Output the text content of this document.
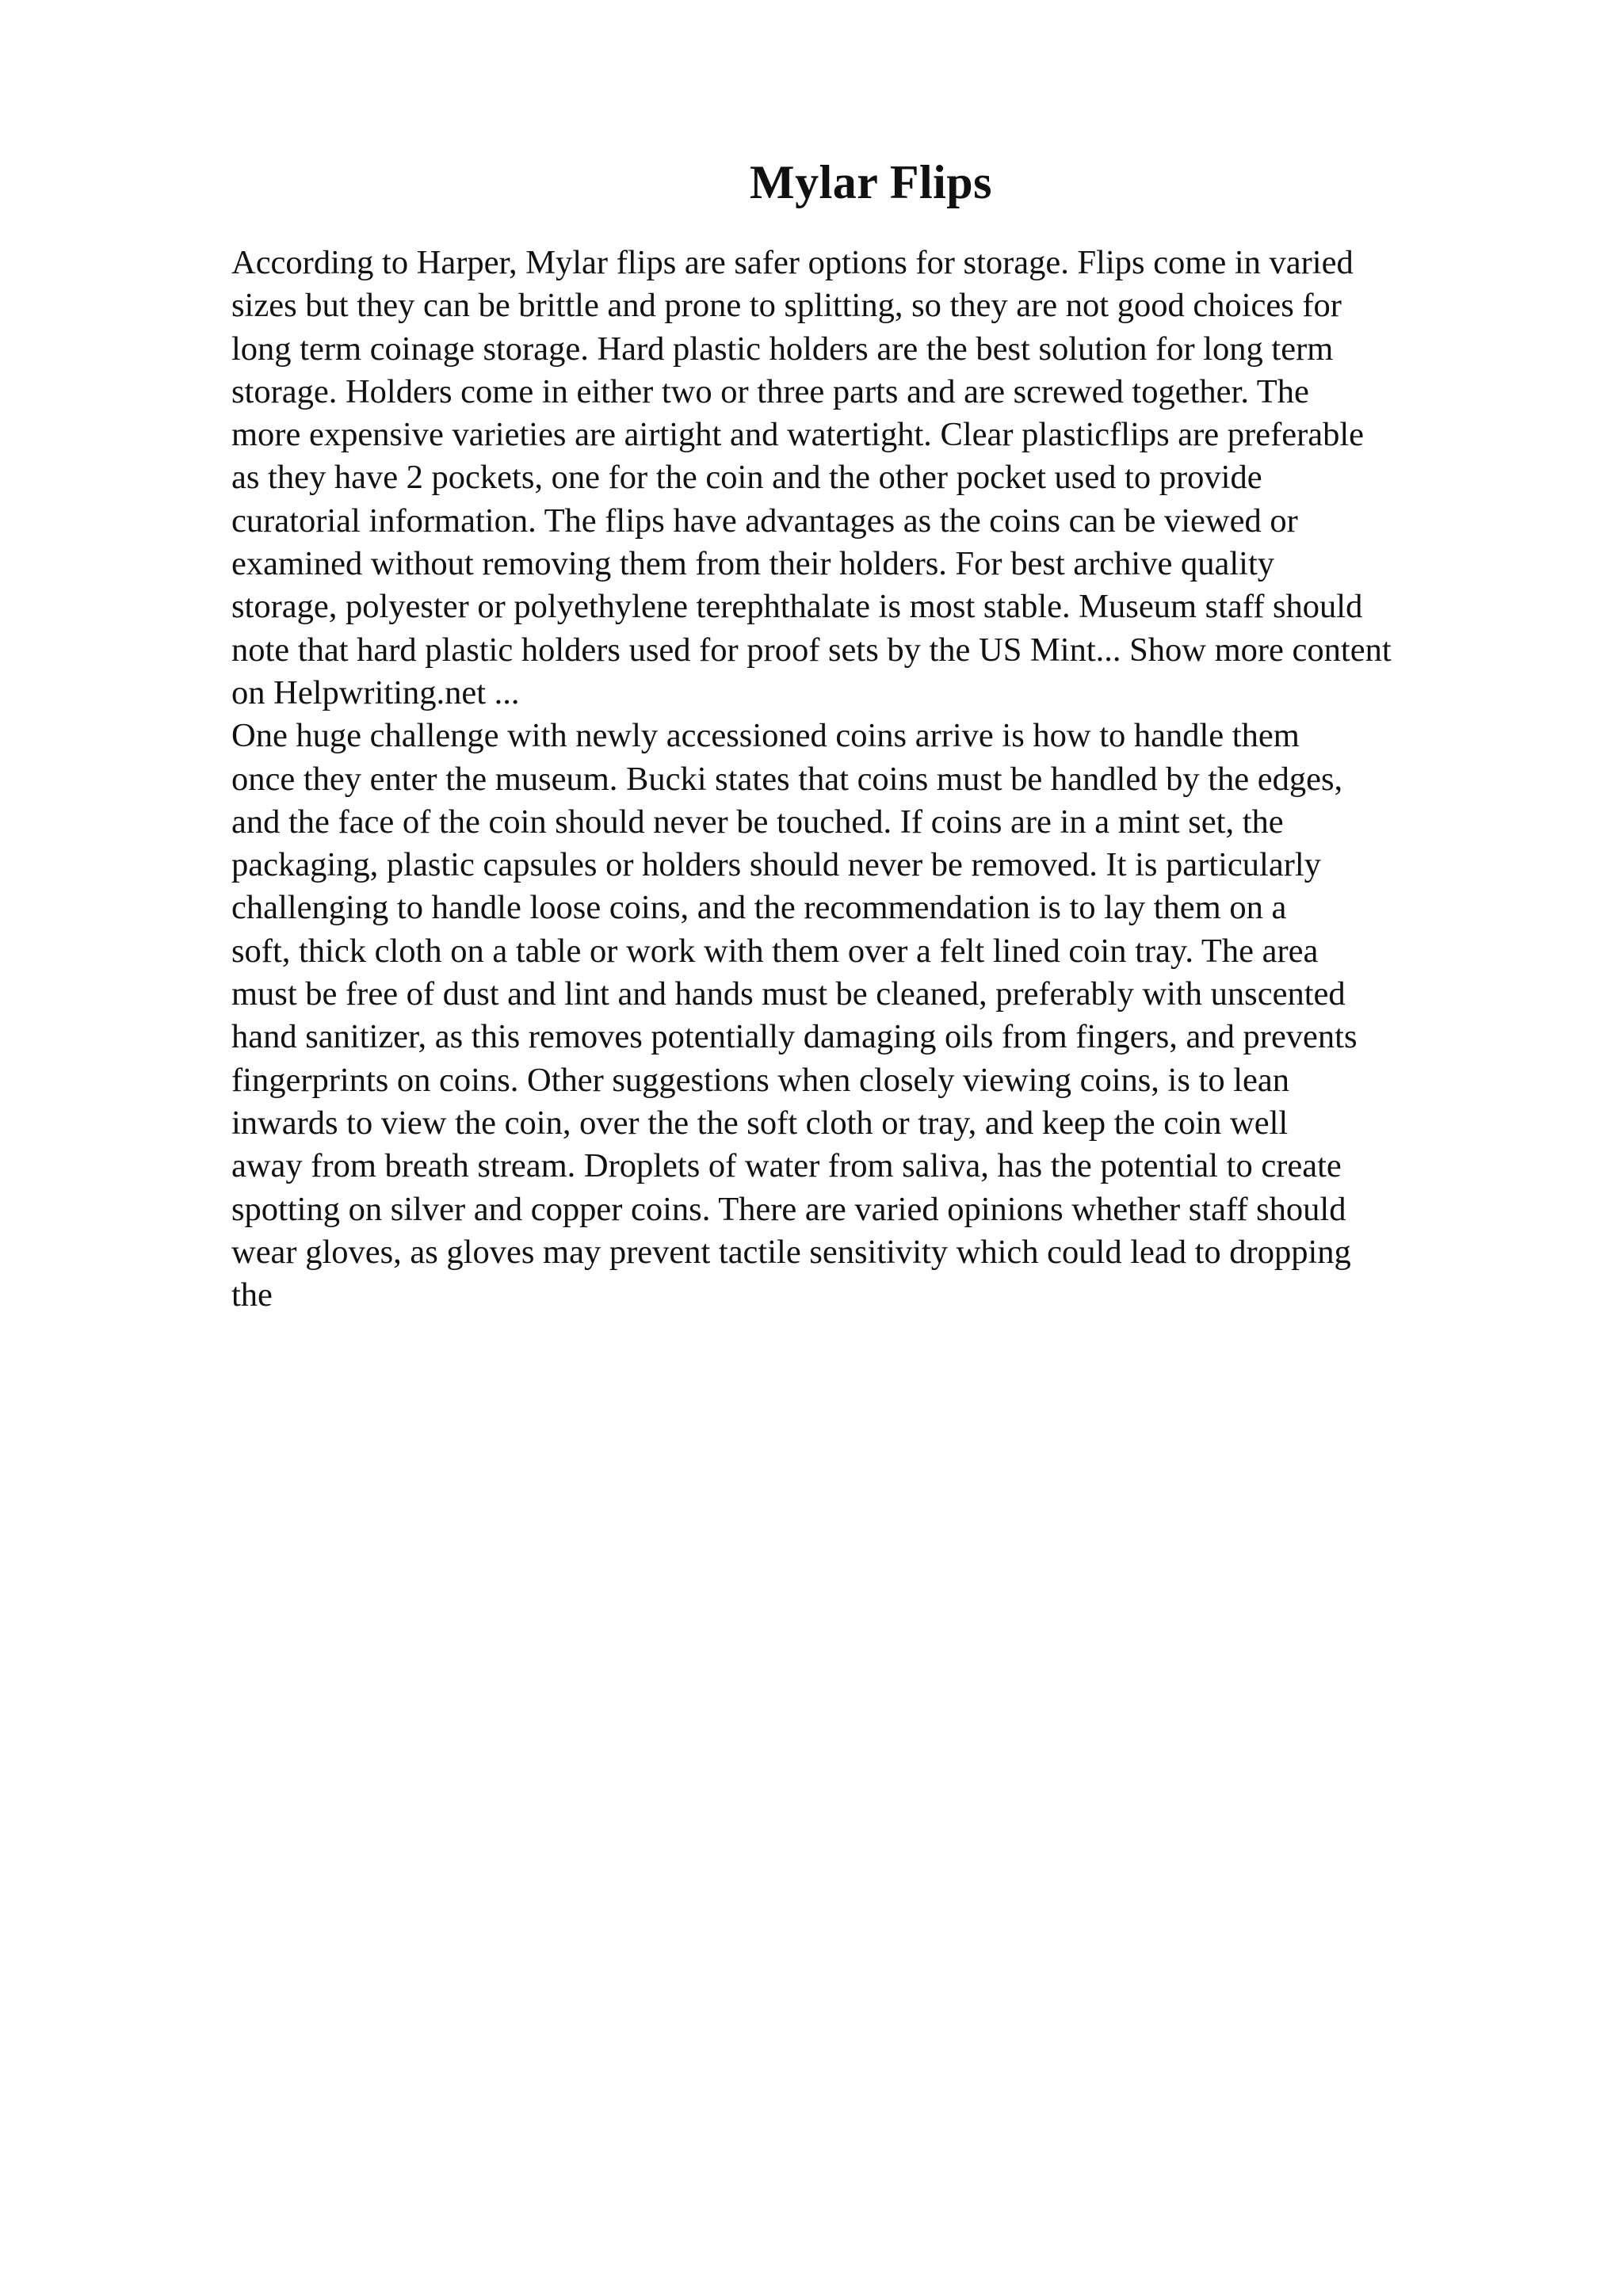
Mylar Flips
According to Harper, Mylar flips are safer options for storage. Flips come in varied
sizes but they can be brittle and prone to splitting, so they are not good choices for
long term coinage storage. Hard plastic holders are the best solution for long term
storage. Holders come in either two or three parts and are screwed together. The
more expensive varieties are airtight and watertight. Clear plasticflips are preferable
as they have 2 pockets, one for the coin and the other pocket used to provide
curatorial information. The flips have advantages as the coins can be viewed or
examined without removing them from their holders. For best archive quality
storage, polyester or polyethylene terephthalate is most stable. Museum staff should
note that hard plastic holders used for proof sets by the US Mint... Show more content
on Helpwriting.net ...
One huge challenge with newly accessioned coins arrive is how to handle them
once they enter the museum. Bucki states that coins must be handled by the edges,
and the face of the coin should never be touched. If coins are in a mint set, the
packaging, plastic capsules or holders should never be removed. It is particularly
challenging to handle loose coins, and the recommendation is to lay them on a
soft, thick cloth on a table or work with them over a felt lined coin tray. The area
must be free of dust and lint and hands must be cleaned, preferably with unscented
hand sanitizer, as this removes potentially damaging oils from fingers, and prevents
fingerprints on coins. Other suggestions when closely viewing coins, is to lean
inwards to view the coin, over the the soft cloth or tray, and keep the coin well
away from breath stream. Droplets of water from saliva, has the potential to create
spotting on silver and copper coins. There are varied opinions whether staff should
wear gloves, as gloves may prevent tactile sensitivity which could lead to dropping
the
